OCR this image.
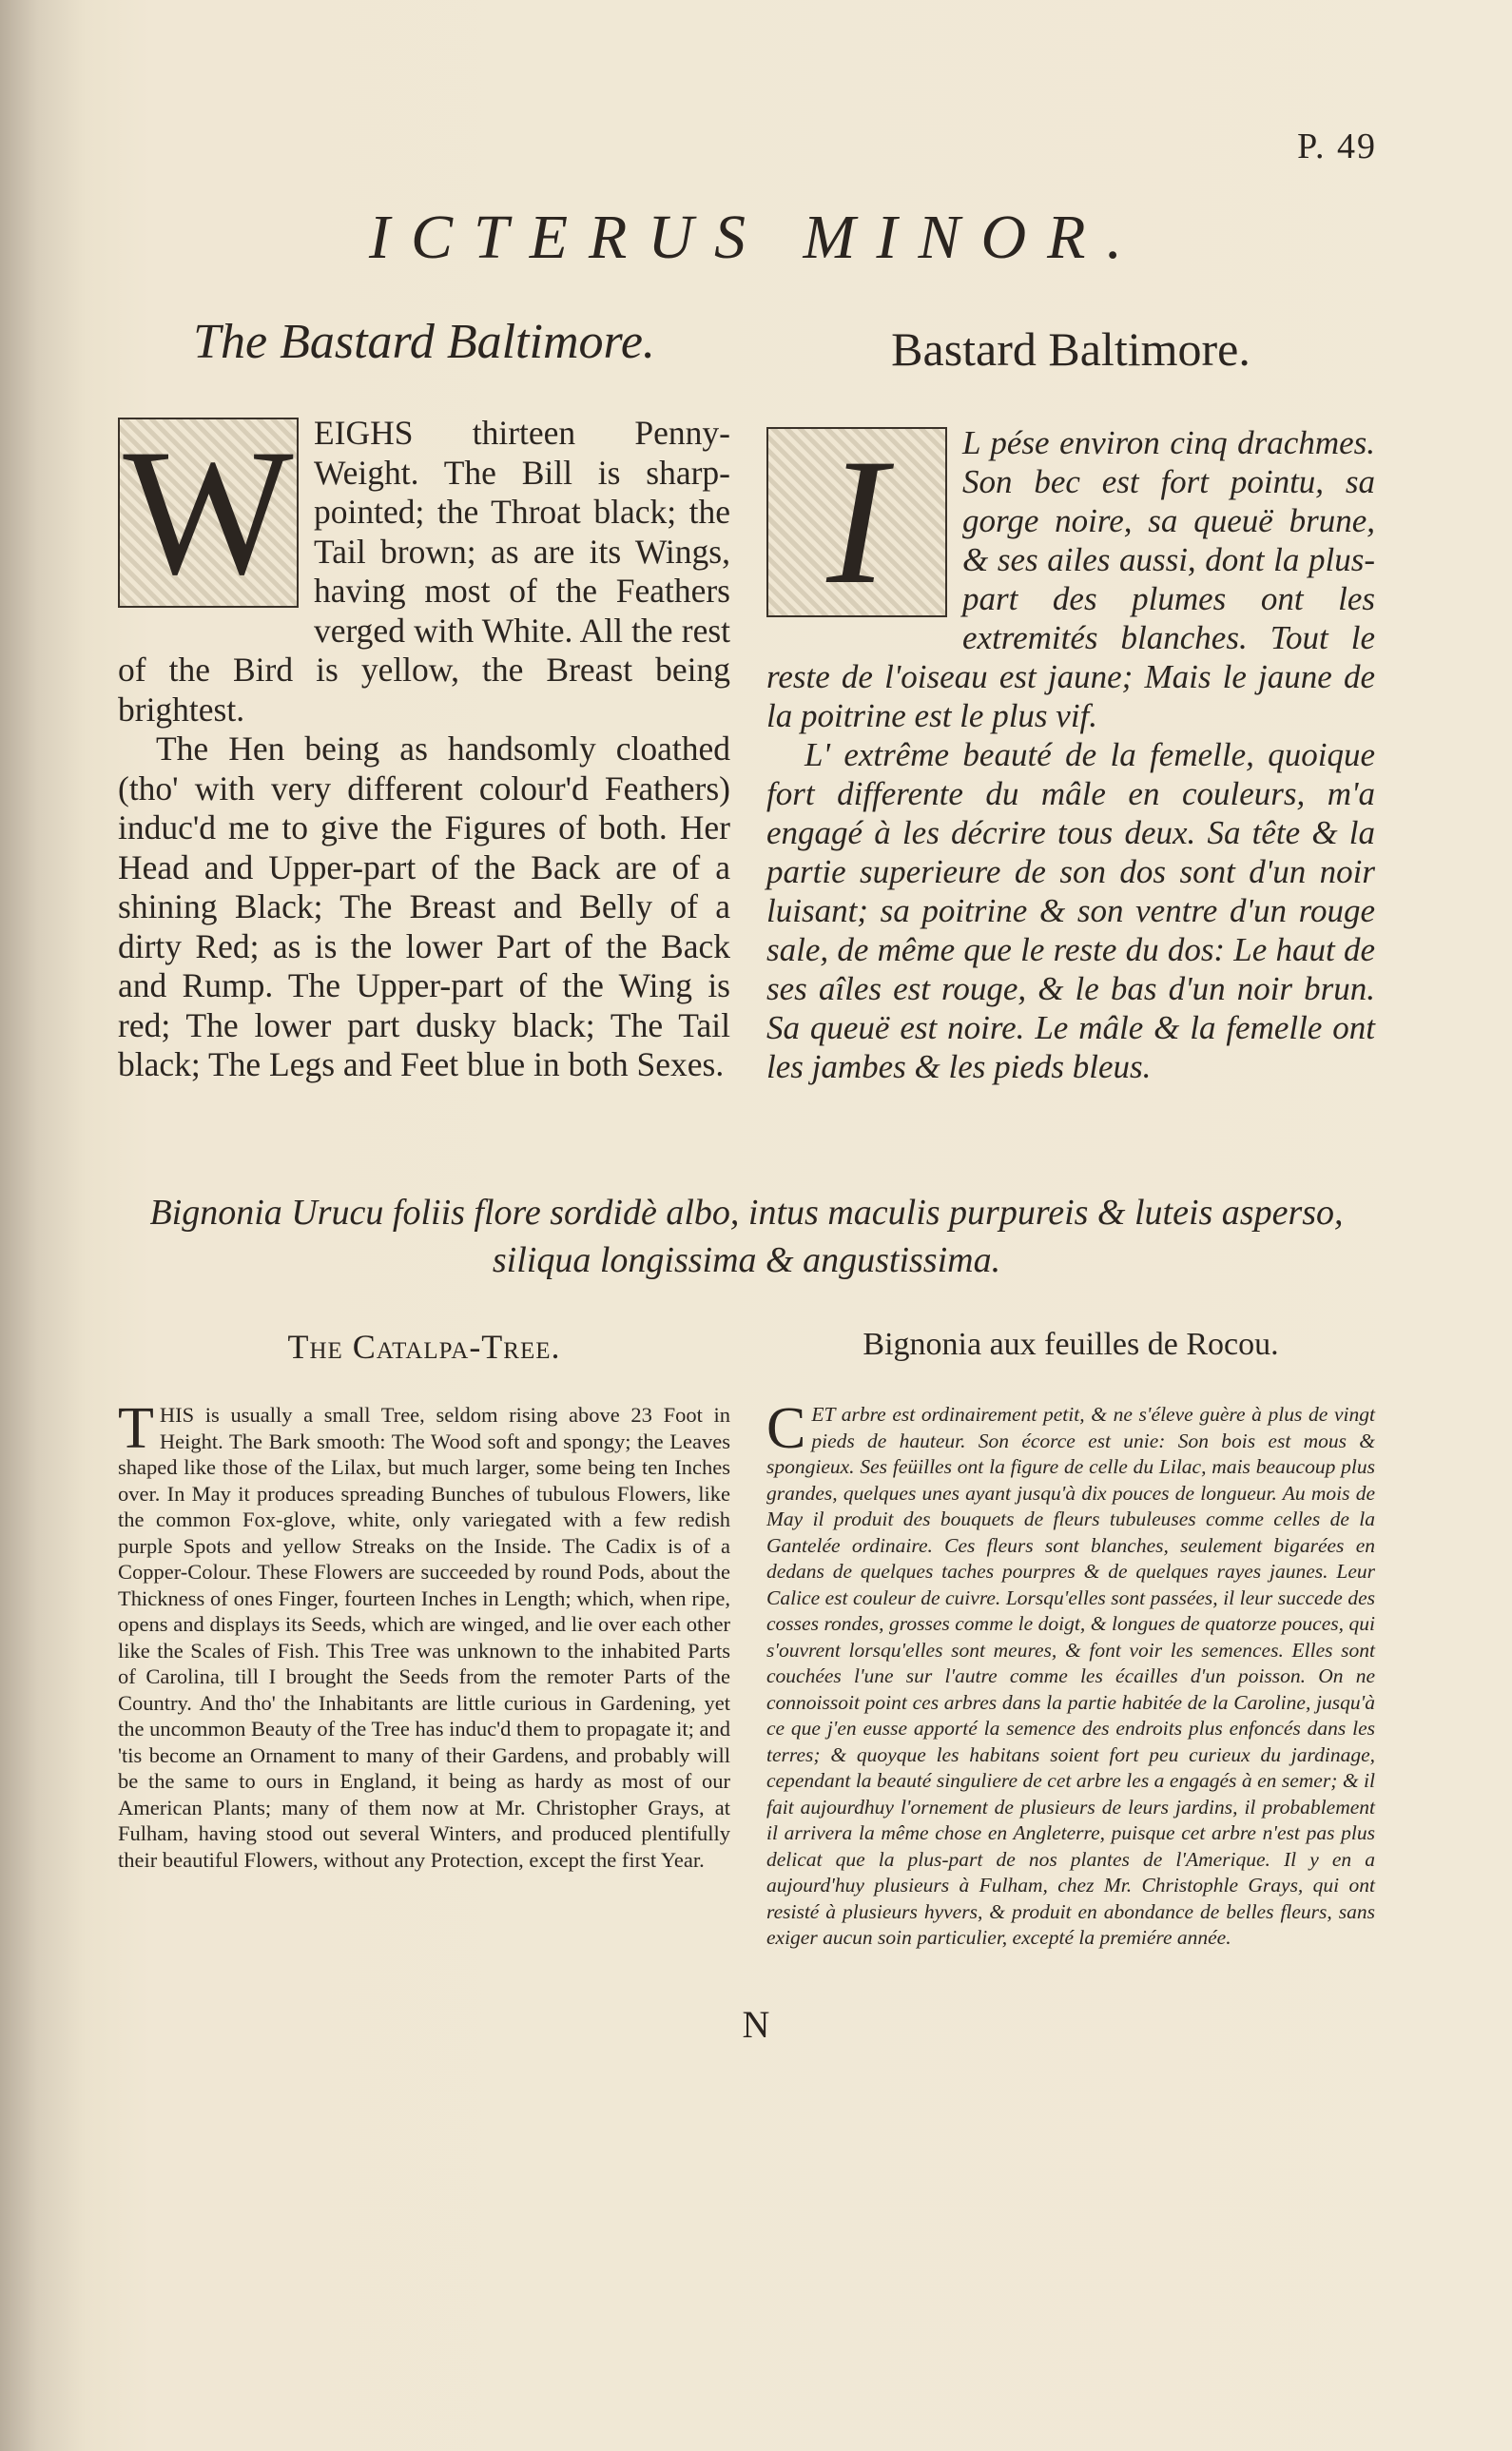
P. 49
ICTERUS MINOR.
The Bastard Baltimore.	Bastard Baltimore.
W EIGHS thirteen Penny-Weight. The Bill is sharp-pointed; the Throat black; the Tail brown; as are its Wings, having most of the Feathers verged with White. All the rest of the Bird is yellow, the Breast being brightest.

The Hen being as handsomly cloathed (tho' with very different colour'd Feathers) induc'd me to give the Figures of both. Her Head and Upper-part of the Back are of a shining Black; The Breast and Belly of a dirty Red; as is the lower Part of the Back and Rump. The Upper-part of the Wing is red; The lower part dusky black; The Tail black; The Legs and Feet blue in both Sexes.

I	L pése environ cinq drachmes. Son bec est fort pointu, sa gorge noire, sa queuë brune, & ses ailes aussi, dont la plus-part des plumes ont les extremités blanches. Tout le reste de l'oiseau est jaune; Mais le jaune de la poitrine est le plus vif.

L' extrême beauté de la femelle, quoique fort differente du mâle en couleurs, m'a engagé à les décrire tous deux. Sa tête & la partie superieure de son dos sont d'un noir luisant; sa poitrine & son ventre d'un rouge sale, de même que le reste du dos: Le haut de ses aîles est rouge, & le bas d'un noir brun. Sa queuë est noire. Le mâle & la femelle ont les jambes & les pieds bleus.

Bignonia Urucu foliis flore sordidè albo, intus maculis purpureis & luteis asperso, siliqua longissima & angustissima.
The Catalpa-Tree.	Bignonia aux feuilles de Rocou.
T HIS is usually a small Tree, seldom rising above 23 Foot in Height. The Bark smooth: The Wood soft and spongy; the Leaves shaped like those of the Lilax, but much larger, some being ten Inches over. In May it produces spreading Bunches of tubulous Flowers, like the common Fox-glove, white, only variegated with a few redish purple Spots and yellow Streaks on the Inside. The Cadix is of a Copper-Colour. These Flowers are succeeded by round Pods, about the Thickness of ones Finger, fourteen Inches in Length; which, when ripe, opens and displays its Seeds, which are winged, and lie over each other like the Scales of Fish. This Tree was unknown to the inhabited Parts of Carolina, till I brought the Seeds from the remoter Parts of the Country. And tho' the Inhabitants are little curious in Gardening, yet the uncommon Beauty of the Tree has induc'd them to propagate it; and 'tis become an Ornament to many of their Gardens, and probably will be the same to ours in England, it being as hardy as most of our American Plants; many of them now at Mr. Christopher Grays, at Fulham, having stood out several Winters, and produced plentifully their beautiful Flowers, without any Protection, except the first Year.

C ET arbre est ordinairement petit, & ne s'éleve guère à plus de vingt pieds de hauteur. Son écorce est unie: Son bois est mous & spongieux. Ses feüilles ont la figure de celle du Lilac, mais beaucoup plus grandes, quelques unes ayant jusqu'à dix pouces de longueur. Au mois de May il produit des bouquets de fleurs tubuleuses comme celles de la Gantelée ordinaire. Ces fleurs sont blanches, seulement bigarées en dedans de quelques taches pourpres & de quelques rayes jaunes. Leur Calice est couleur de cuivre. Lorsqu'elles sont passées, il leur succede des cosses rondes, grosses comme le doigt, & longues de quatorze pouces, qui s'ouvrent lorsqu'elles sont meures, & font voir les semences. Elles sont couchées l'une sur l'autre comme les écailles d'un poisson. On ne connoissoit point ces arbres dans la partie habitée de la Caroline, jusqu'à ce que j'en eusse apporté la semence des endroits plus enfoncés dans les terres; & quoyque les habitans soient fort peu curieux du jardinage, cependant la beauté singuliere de cet arbre les a engagés à en semer; & il fait aujourdhuy l'ornement de plusieurs de leurs jardins, il probablement il arrivera la même chose en Angleterre, puisque cet arbre n'est pas plus delicat que la plus-part de nos plantes de l'Amerique. Il y en a aujourd'huy plusieurs à Fulham, chez Mr. Christophle Grays, qui ont resisté à plusieurs hyvers, & produit en abondance de belles fleurs, sans exiger aucun soin particulier, excepté la premiére année.

N
